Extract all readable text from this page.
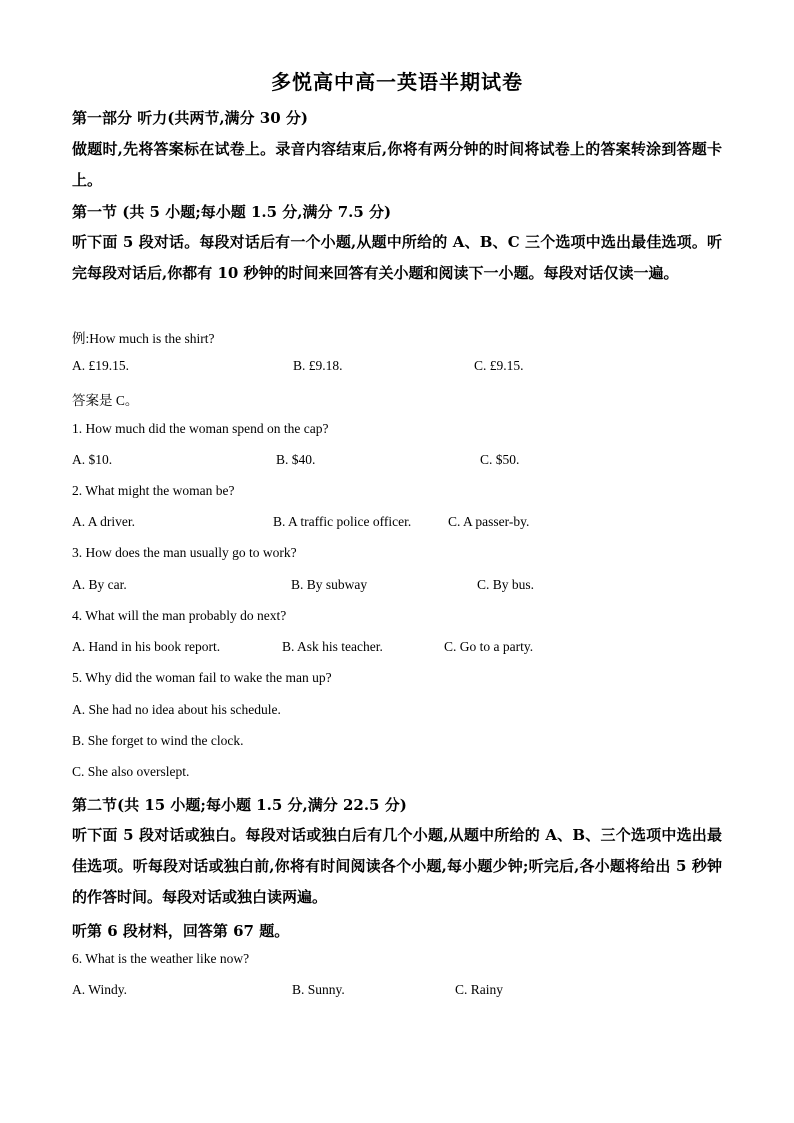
多悦高中高一英语半期试卷
第一部分 听力(共两节,满分 30 分)
做题时,先将答案标在试卷上。录音内容结束后,你将有两分钟的时间将试卷上的答案转涂到答题卡上。
第一节 (共 5 小题;每小题 1.5 分,满分 7.5 分)
听下面 5 段对话。每段对话后有一个小题,从题中所给的 A、B、C 三个选项中选出最佳选项。听完每段对话后,你都有 10 秒钟的时间来回答有关小题和阅读下一小题。每段对话仅读一遍。
例:How much is the shirt?
A. £19.15.	B. £9.18.	C. £9.15.
答案是 C。
1. How much did the woman spend on the cap?
A. $10.	B. $40.	C. $50.
2. What might the woman be?
A. A driver.	B. A traffic police officer.	C. A passer-by.
3. How does the man usually go to work?
A. By car.	B. By subway	C. By bus.
4. What will the man probably do next?
A. Hand in his book report.	B. Ask his teacher.	C. Go to a party.
5. Why did the woman fail to wake the man up?
A. She had no idea about his schedule.
B. She forget to wind the clock.
C. She also overslept.
第二节(共 15 小题;每小题 1.5 分,满分 22.5 分)
听下面 5 段对话或独白。每段对话或独白后有几个小题,从题中所给的 A、B、三个选项中选出最佳选项。听每段对话或独白前,你将有时间阅读各个小题,每小题少钟;听完后,各小题将给出 5 秒钟的作答时间。每段对话或独白读两遍。
听第 6 段材料，回答第 67 题。
6. What is the weather like now?
A. Windy.	B. Sunny.	C. Rainy
